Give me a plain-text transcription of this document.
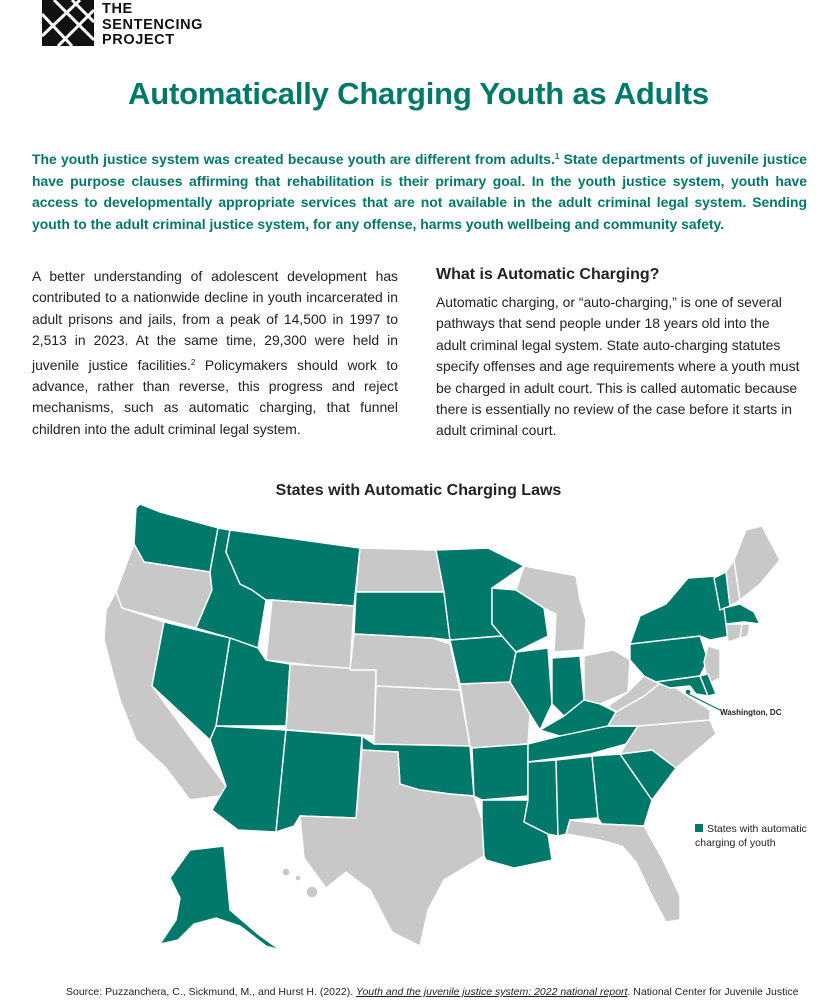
THE
SENTENCING
PROJECT
Automatically Charging Youth as Adults

The youth justice system was created because youth are different from adults.$^1$ State departments of juvenile justice have purpose clauses affirming that rehabilitation is their primary goal. In the youth justice system, youth have access to developmentally appropriate services that are not available in the adult criminal legal system. Sending youth to the adult criminal justice system, for any offense, harms youth wellbeing and community safety.

A better understanding of adolescent development has contributed to a nationwide decline in youth incarcerated in adult prisons and jails, from a peak of 14,500 in 1997 to 2,513 in 2023. At the same time, 29,300 were held in juvenile justice facilities.$^2$ Policymakers should work to advance, rather than reverse, this progress and reject mechanisms, such as automatic charging, that funnel children into the adult criminal legal system.

What is Automatic Charging?

Automatic charging, or “auto-charging,” is one of several pathways that send people under 18 years old into the adult criminal legal system. State auto-charging statutes specify offenses and age requirements where a youth must be charged in adult court. This is called automatic because there is essentially no review of the case before it starts in adult criminal court.

States with Automatic Charging Laws
Washington, DC
States with automatic
charging of youth
Source: Puzzanchera, C., Sickmund, M., and Hurst H. (2022). Youth and the juvenile justice system: 2022 national report. National Center for Juvenile Justice
